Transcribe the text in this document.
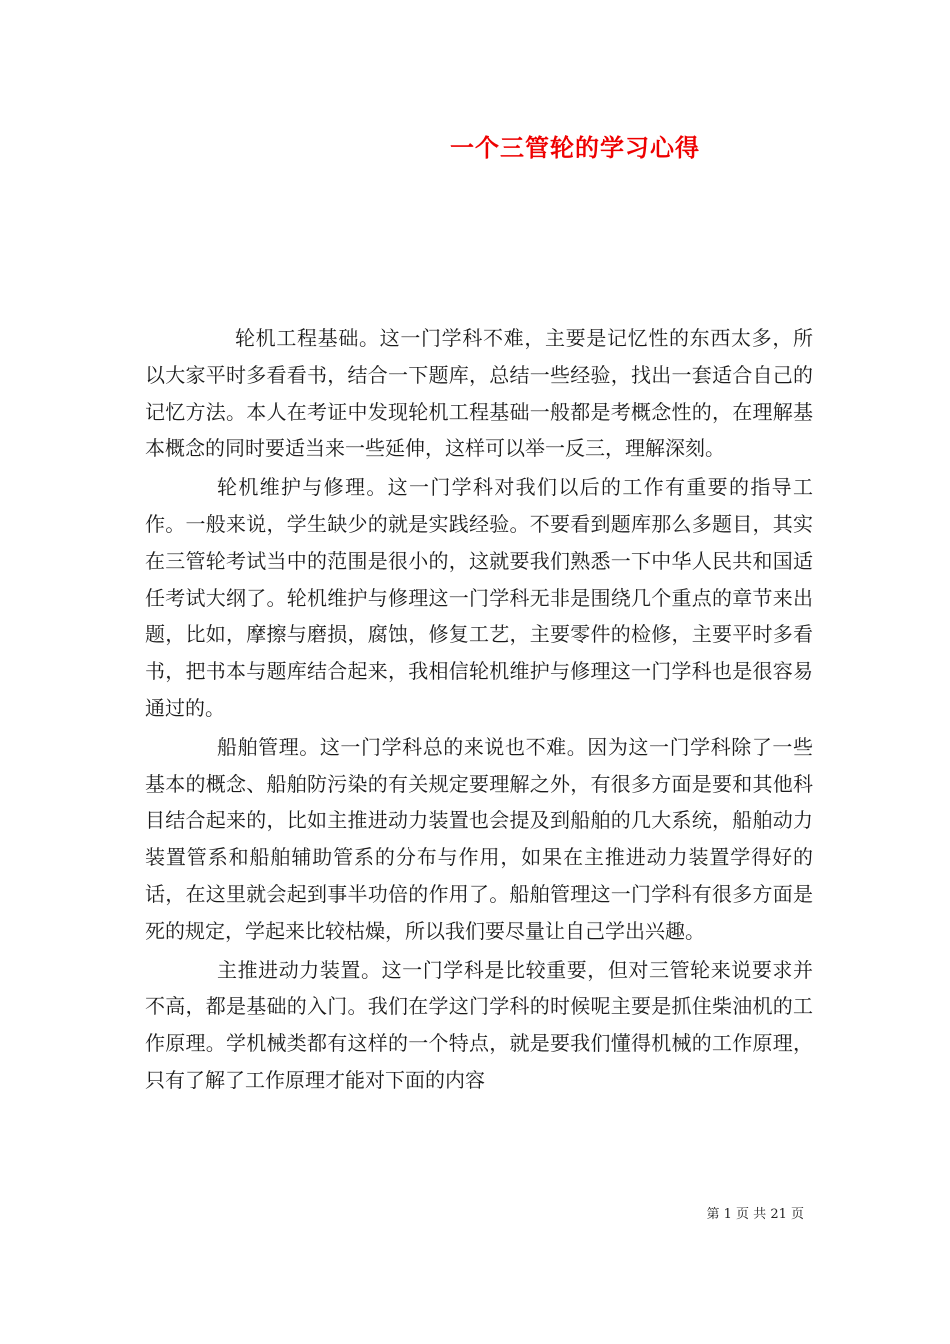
一个三管轮的学习心得

轮机工程基础。这一门学科不难，主要是记忆性的东西太多，所以大家平时多看看书，结合一下题库，总结一些经验，找出一套适合自己的记忆方法。本人在考证中发现轮机工程基础一般都是考概念性的，在理解基本概念的同时要适当来一些延伸，这样可以举一反三，理解深刻。

轮机维护与修理。这一门学科对我们以后的工作有重要的指导工作。一般来说，学生缺少的就是实践经验。不要看到题库那么多题目，其实在三管轮考试当中的范围是很小的，这就要我们熟悉一下中华人民共和国适任考试大纲了。轮机维护与修理这一门学科无非是围绕几个重点的章节来出题，比如，摩擦与磨损，腐蚀，修复工艺，主要零件的检修，主要平时多看书，把书本与题库结合起来，我相信轮机维护与修理这一门学科也是很容易通过的。

船舶管理。这一门学科总的来说也不难。因为这一门学科除了一些基本的概念、船舶防污染的有关规定要理解之外，有很多方面是要和其他科目结合起来的，比如主推进动力装置也会提及到船舶的几大系统，船舶动力装置管系和船舶辅助管系的分布与作用，如果在主推进动力装置学得好的话，在这里就会起到事半功倍的作用了。船舶管理这一门学科有很多方面是死的规定，学起来比较枯燥，所以我们要尽量让自己学出兴趣。

主推进动力装置。这一门学科是比较重要，但对三管轮来说要求并不高，都是基础的入门。我们在学这门学科的时候呢主要是抓住柴油机的工作原理。学机械类都有这样的一个特点，就是要我们懂得机械的工作原理，只有了解了工作原理才能对下面的内容

第 1 页 共 21 页
